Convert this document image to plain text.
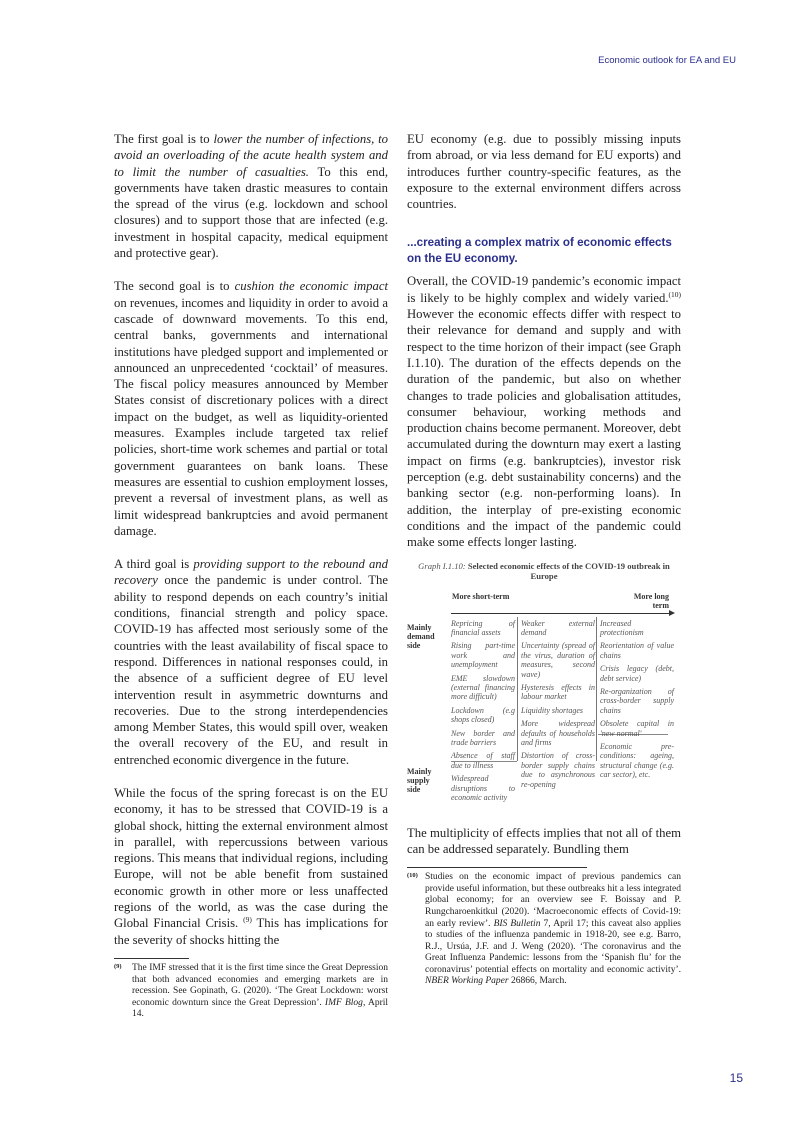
Economic outlook for EA and EU

The first goal is to lower the number of infections, to avoid an overloading of the acute health system and to limit the number of casualties. To this end, governments have taken drastic measures to contain the spread of the virus (e.g. lockdown and school closures) and to support those that are infected (e.g. investment in hospital capacity, medical equipment and protective gear).

The second goal is to cushion the economic impact on revenues, incomes and liquidity in order to avoid a cascade of downward movements. To this end, central banks, governments and international institutions have pledged support and implemented or announced an unprecedented ‘cocktail’ of measures. The fiscal policy measures announced by Member States consist of discretionary polices with a direct impact on the budget, as well as liquidity-oriented measures. Examples include targeted tax relief policies, short-time work schemes and partial or total government guarantees on bank loans. These measures are essential to cushion employment losses, prevent a reversal of investment plans, as well as limit widespread bankruptcies and avoid permanent damage.

A third goal is providing support to the rebound and recovery once the pandemic is under control. The ability to respond depends on each country’s initial conditions, financial strength and policy space. COVID-19 has affected most seriously some of the countries with the least availability of fiscal space to respond. Differences in national responses could, in the absence of a sufficient degree of EU level intervention result in asymmetric downturns and recoveries. Due to the strong interdependencies among Member States, this would spill over, weaken the overall recovery of the EU, and result in entrenched economic divergence in the future.

While the focus of the spring forecast is on the EU economy, it has to be stressed that COVID-19 is a global shock, hitting the external environment almost in parallel, with repercussions between various regions. This means that individual regions, including Europe, will not be able benefit from sustained economic growth in other more or less unaffected regions of the world, as was the case during the Global Financial Crisis. $^{(9)}$ This has implications for the severity of shocks hitting the

(9) The IMF stressed that it is the first time since the Great Depression that both advanced economies and emerging markets are in recession. See Gopinath, G. (2020). ‘The Great Lockdown: worst economic downturn since the Great Depression’. IMF Blog, April 14.

EU economy (e.g. due to possibly missing inputs from abroad, or via less demand for EU exports) and introduces further country-specific features, as the exposure to the external environment differs across countries.

...creating a complex matrix of economic effects on the EU economy.

Overall, the COVID-19 pandemic’s economic impact is likely to be highly complex and widely varied.$^{(10)}$ However the economic effects differ with respect to their relevance for demand and supply and with respect to the time horizon of their impact (see Graph I.1.10). The duration of the effects depends on the duration of the pandemic, but also on whether changes to trade policies and globalisation attitudes, consumer behaviour, working methods and production chains become permanent. Moreover, debt accumulated during the downturn may exert a lasting impact on firms (e.g. bankruptcies), investor risk perception (e.g. debt sustainability concerns) and the banking sector (e.g. non-performing loans). In addition, the interplay of pre-existing economic conditions and the impact of the pandemic could make some effects longer lasting.

Graph I.1.10: Selected economic effects of the COVID-19 outbreak in Europe
More short-term	More long term
Mainly demand side
Mainly supply side
Repricing of financial assets
Rising part-time work and unemployment
EME slowdown (external financing more difficult)
Lockdown (e.g shops closed)
New border and trade barriers
Absence of staff due to illness
Widespread disruptions to economic activity
Weaker external demand
Uncertainty (spread of the virus, duration of measures, second wave)
Hysteresis effects in labour market
Liquidity shortages
More widespread defaults of households and firms
Distortion of cross-border supply chains due to asynchronous re-opening
Increased protectionism
Reorientation of value chains
Crisis legacy (debt, debt service)
Re-organization of cross-border supply chains
Obsolete capital in 'new normal'
Economic pre-conditions: ageing, structural change (e.g. car sector), etc.

The multiplicity of effects implies that not all of them can be addressed separately. Bundling them

(10) Studies on the economic impact of previous pandemics can provide useful information, but these outbreaks hit a less integrated global economy; for an overview see F. Boissay and P. Rungcharoenkitkul (2020). ‘Macroeconomic effects of Covid-19: an early review’. BIS Bulletin 7, April 17; this caveat also applies to studies of the influenza pandemic in 1918-20, see e.g. Barro, R.J., Ursúa, J.F. and J. Weng (2020). ‘The coronavirus and the Great Influenza Pandemic: lessons from the ‘Spanish flu’ for the coronavirus’ potential effects on mortality and economic activity’. NBER Working Paper 26866, March.

15
